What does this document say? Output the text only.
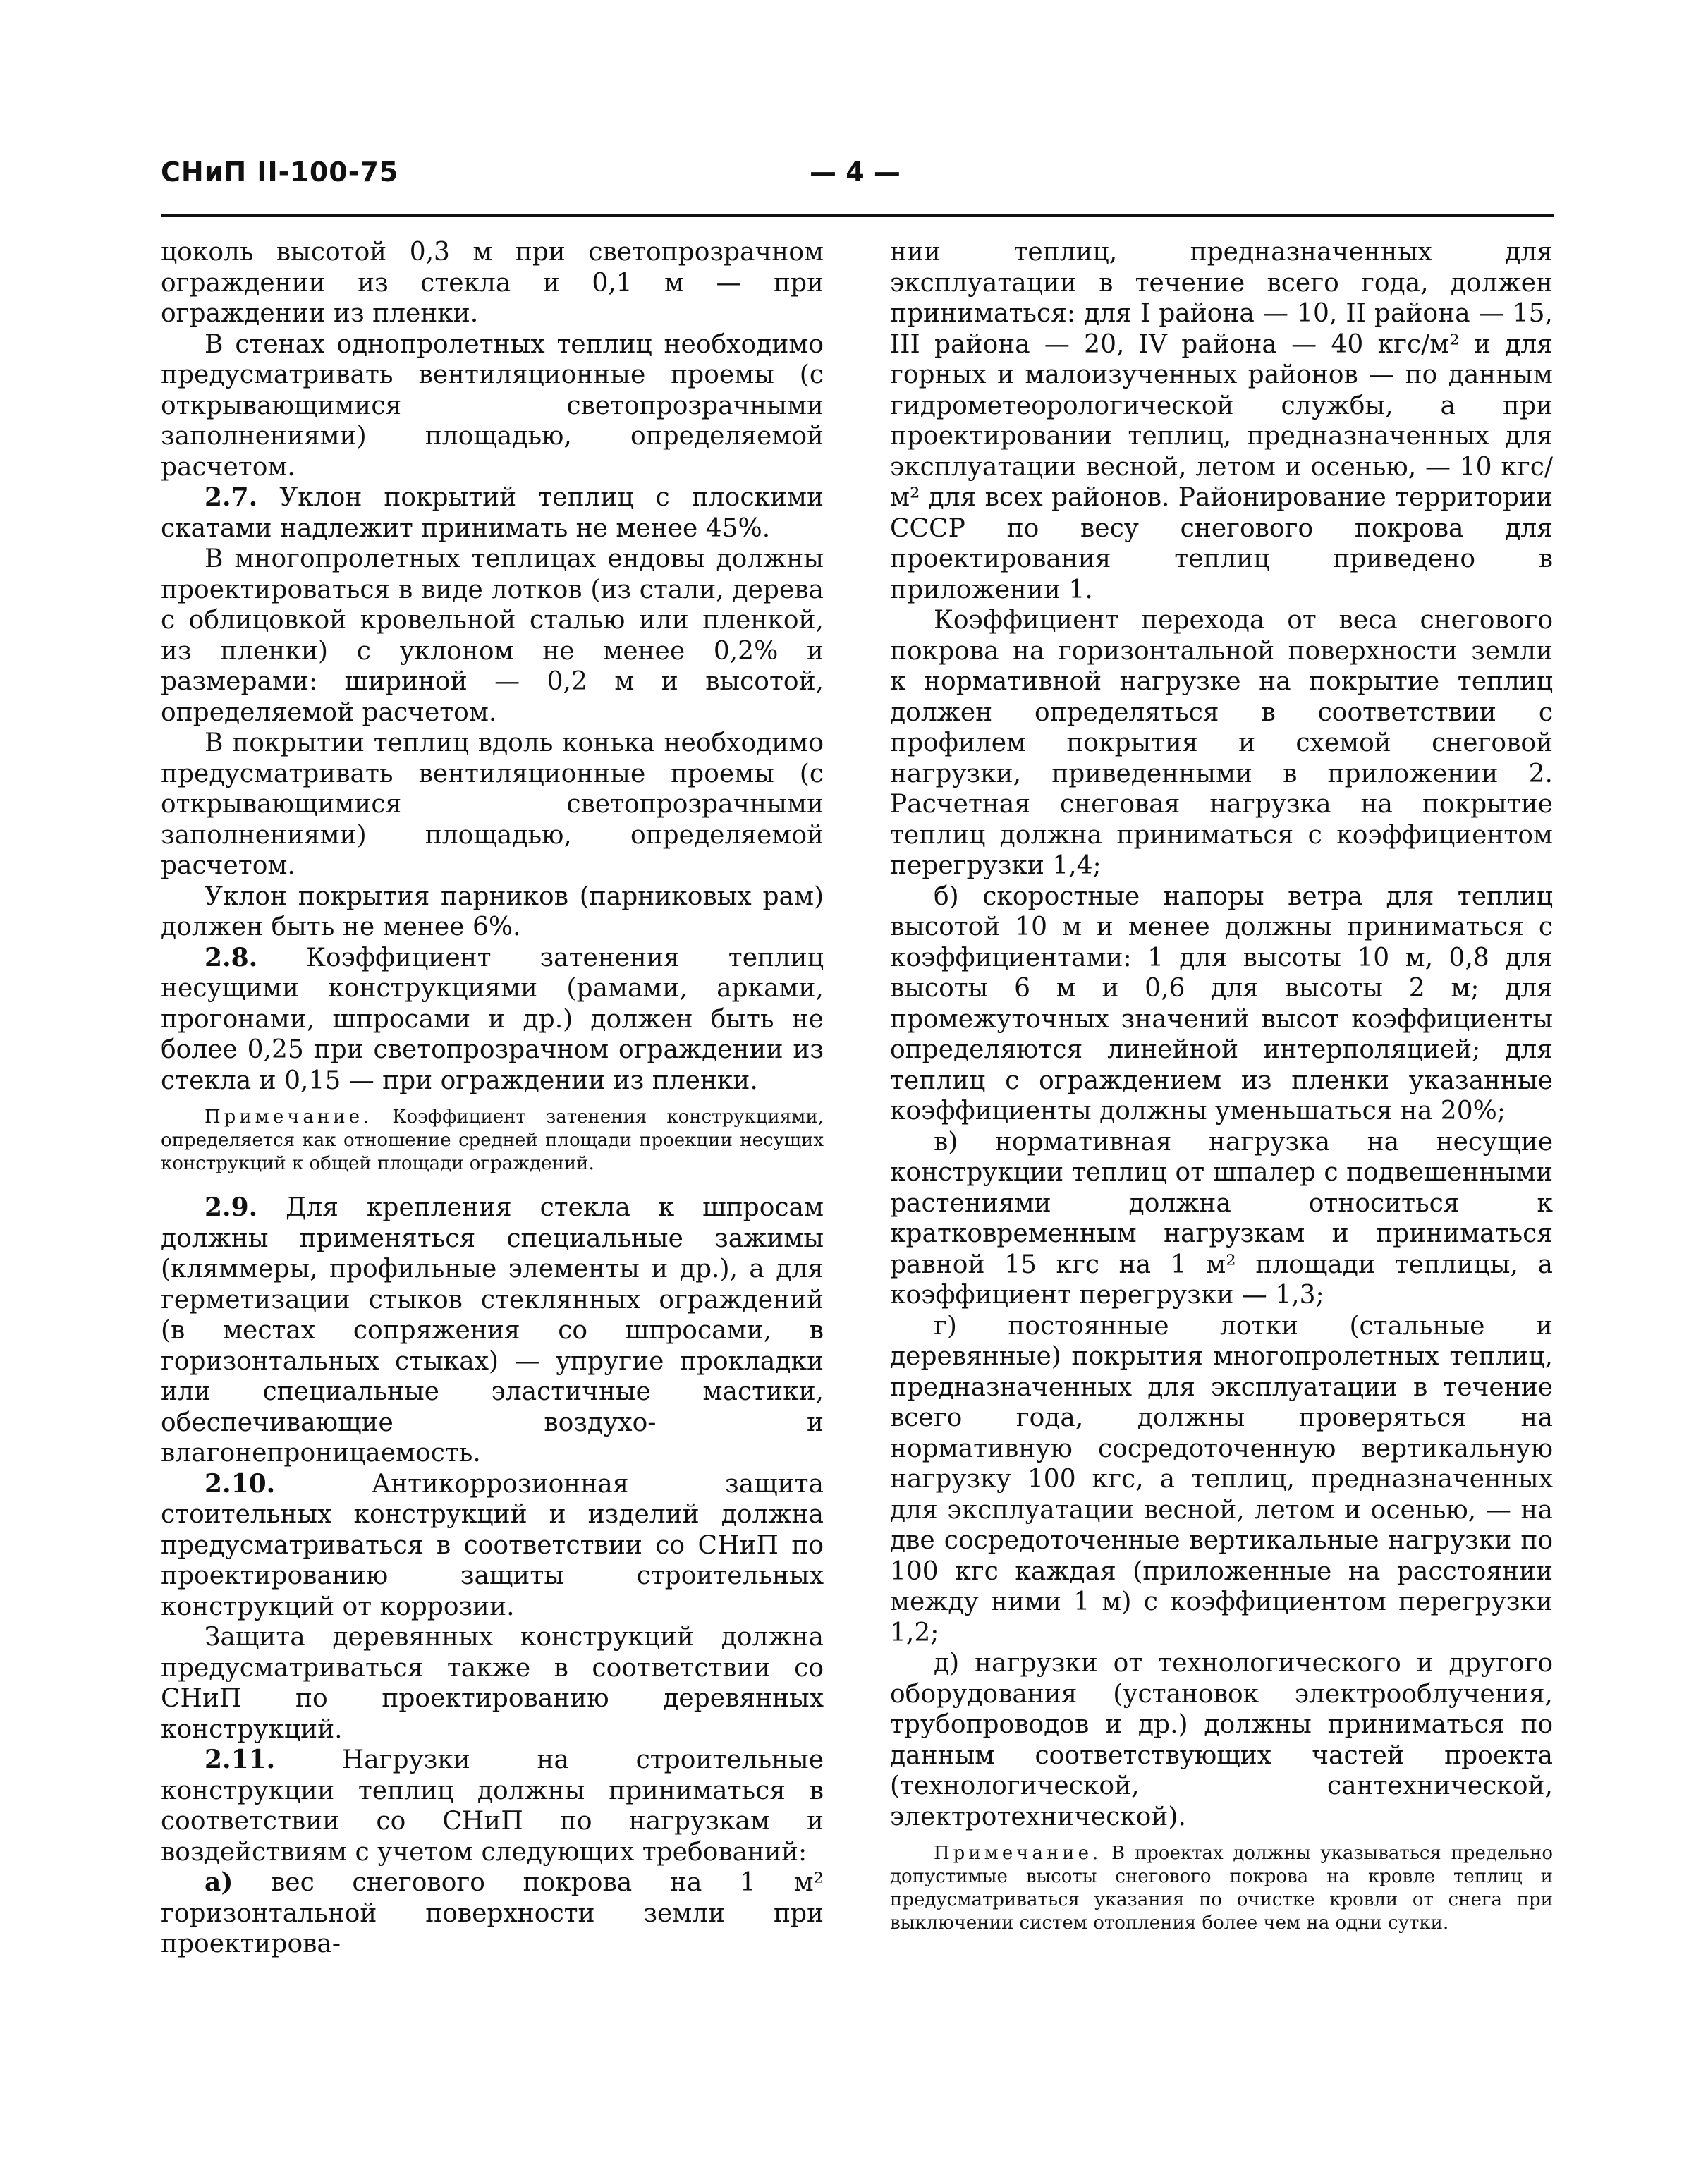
СНиП II-100-75	— 4 —

цоколь высотой 0,3 м при светопрозрачном ограждении из стекла и 0,1 м — при ограждении из пленки.

В стенах однопролетных теплиц необходимо предусматривать вентиляционные проемы (с открывающимися светопрозрачными заполнениями) площадью, определяемой расчетом.

2.7. Уклон покрытий теплиц с плоскими скатами надлежит принимать не менее 45%.

В многопролетных теплицах ендовы должны проектироваться в виде лотков (из стали, дерева с облицовкой кровельной сталью или пленкой, из пленки) с уклоном не менее 0,2% и размерами: шириной — 0,2 м и высотой, определяемой расчетом.

В покрытии теплиц вдоль конька необходимо предусматривать вентиляционные проемы (с открывающимися светопрозрачными заполнениями) площадью, определяемой расчетом.

Уклон покрытия парников (парниковых рам) должен быть не менее 6%.

2.8. Коэффициент затенения теплиц несущими конструкциями (рамами, арками, прогонами, шпросами и др.) должен быть не более 0,25 при светопрозрачном ограждении из стекла и 0,15 — при ограждении из пленки.

Примечание. Коэффициент затенения конструкциями, определяется как отношение средней площади проекции несущих конструкций к общей площади ограждений.

2.9. Для крепления стекла к шпросам должны применяться специальные зажимы (кляммеры, профильные элементы и др.), а для герметизации стыков стеклянных ограждений (в местах сопряжения со шпросами, в горизонтальных стыках) — упругие прокладки или специальные эластичные мастики, обеспечивающие воздухо- и влагонепроницаемость.

2.10. Антикоррозионная защита стоительных конструкций и изделий должна предусматриваться в соответствии со СНиП по проектированию защиты строительных конструкций от коррозии.

Защита деревянных конструкций должна предусматриваться также в соответствии со СНиП по проектированию деревянных конструкций.

2.11. Нагрузки на строительные конструкции теплиц должны приниматься в соответствии со СНиП по нагрузкам и воздействиям с учетом следующих требований:

а) вес снегового покрова на 1 м² горизонтальной поверхности земли при проектирова-

нии теплиц, предназначенных для эксплуатации в течение всего года, должен приниматься: для I района — 10, II района — 15, III района — 20, IV района — 40 кгс/м² и для горных и малоизученных районов — по данным гидрометеорологической службы, а при проектировании теплиц, предназначенных для эксплуатации весной, летом и осенью, — 10 кгс/м² для всех районов. Районирование территории СССР по весу снегового покрова для проектирования теплиц приведено в приложении 1.

Коэффициент перехода от веса снегового покрова на горизонтальной поверхности земли к нормативной нагрузке на покрытие теплиц должен определяться в соответствии с профилем покрытия и схемой снеговой нагрузки, приведенными в приложении 2. Расчетная снеговая нагрузка на покрытие теплиц должна приниматься с коэффициентом перегрузки 1,4;

б) скоростные напоры ветра для теплиц высотой 10 м и менее должны приниматься с коэффициентами: 1 для высоты 10 м, 0,8 для высоты 6 м и 0,6 для высоты 2 м; для промежуточных значений высот коэффициенты определяются линейной интерполяцией; для теплиц с ограждением из пленки указанные коэффициенты должны уменьшаться на 20%;

в) нормативная нагрузка на несущие конструкции теплиц от шпалер с подвешенными растениями должна относиться к кратковременным нагрузкам и приниматься равной 15 кгс на 1 м² площади теплицы, а коэффициент перегрузки — 1,3;

г) постоянные лотки (стальные и деревянные) покрытия многопролетных теплиц, предназначенных для эксплуатации в течение всего года, должны проверяться на нормативную сосредоточенную вертикальную нагрузку 100 кгс, а теплиц, предназначенных для эксплуатации весной, летом и осенью, — на две сосредоточенные вертикальные нагрузки по 100 кгс каждая (приложенные на расстоянии между ними 1 м) с коэффициентом перегрузки 1,2;

д) нагрузки от технологического и другого оборудования (установок электрооблучения, трубопроводов и др.) должны приниматься по данным соответствующих частей проекта (технологической, сантехнической, электротехнической).

Примечание. В проектах должны указываться предельно допустимые высоты снегового покрова на кровле теплиц и предусматриваться указания по очистке кровли от снега при выключении систем отопления более чем на одни сутки.
